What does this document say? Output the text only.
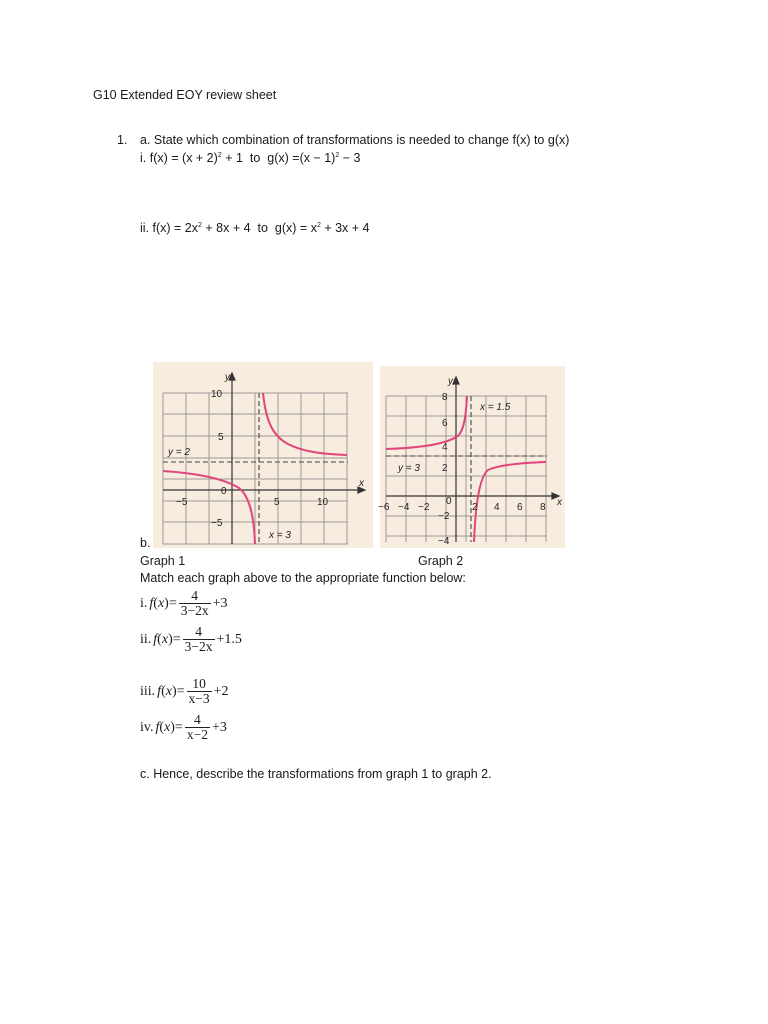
G10 Extended EOY review sheet
1. a. State which combination of transformations is needed to change f(x) to g(x)
i. $f(x) = (x + 2)^2 + 1$ to $g(x) =(x - 1)^2 - 3$
ii. $f(x) = 2x^2 + 8x + 4$ to $g(x) = x^2 + 3x + 4$
y
x
10
5
−5
−5
0
5	10
y = 2
x = 3
y
x
8
6
4
2
−2
−4
−6 −4 −2
0
2 4 6 8
y = 3
x = 1.5
b.
Graph 1	Graph 2
Match each graph above to the appropriate function below:
i. $f(x)= \frac{4}{3-2x} +3$
ii. $f(x)= \frac{4}{3-2x} +1.5$
iii. $f(x)= \frac{10}{x-3} +2$
iv. $f(x)= \frac{4}{x-2} +3$
c. Hence, describe the transformations from graph 1 to graph 2.
